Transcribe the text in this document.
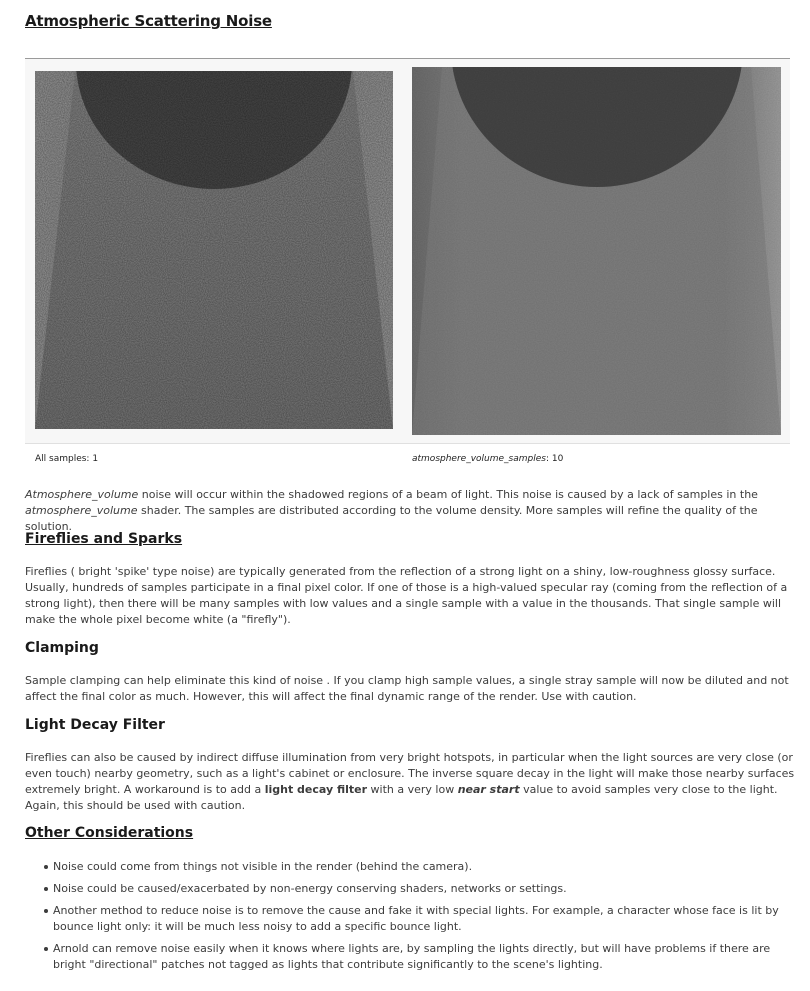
Atmospheric Scattering Noise
All samples: 1	atmosphere_volume_samples: 10

Atmosphere_volume noise will occur within the shadowed regions of a beam of light. This noise is caused by a lack of samples in the atmosphere_volume shader. The samples are distributed according to the volume density. More samples will refine the quality of the solution.

Fireflies and Sparks

Fireflies ( bright 'spike' type noise) are typically generated from the reflection of a strong light on a shiny, low-roughness glossy surface. Usually, hundreds of samples participate in a final pixel color. If one of those is a high-valued specular ray (coming from the reflection of a strong light), then there will be many samples with low values and a single sample with a value in the thousands. That single sample will make the whole pixel become white (a "firefly").

Clamping

Sample clamping can help eliminate this kind of noise . If you clamp high sample values, a single stray sample will now be diluted and not affect the final color as much. However, this will affect the final dynamic range of the render. Use with caution.

Light Decay Filter

Fireflies can also be caused by indirect diffuse illumination from very bright hotspots, in particular when the light sources are very close (or even touch) nearby geometry, such as a light's cabinet or enclosure. The inverse square decay in the light will make those nearby surfaces extremely bright. A workaround is to add a light decay filter with a very low near start value to avoid samples very close to the light. Again, this should be used with caution.

Other Considerations
Noise could come from things not visible in the render (behind the camera).
Noise could be caused/exacerbated by non-energy conserving shaders, networks or settings.
Another method to reduce noise is to remove the cause and fake it with special lights. For example, a character whose face is lit by bounce light only: it will be much less noisy to add a specific bounce light.
Arnold can remove noise easily when it knows where lights are, by sampling the lights directly, but will have problems if there are bright "directional" patches not tagged as lights that contribute significantly to the scene's lighting.
